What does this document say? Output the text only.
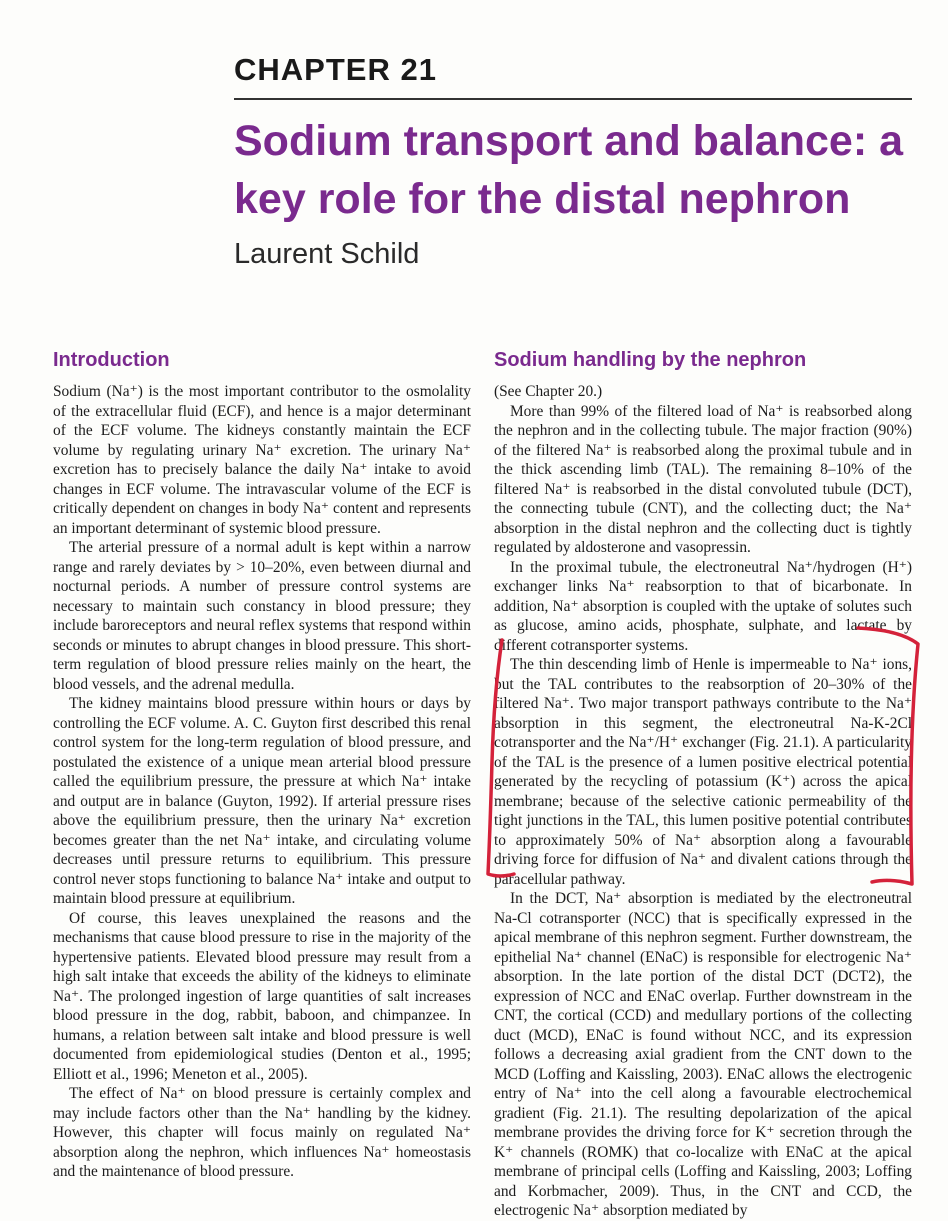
CHAPTER 21
Sodium transport and balance: a key role for the distal nephron
Laurent Schild
Introduction

Sodium (Na⁺) is the most important contributor to the osmolality of the extracellular fluid (ECF), and hence is a major determinant of the ECF volume. The kidneys constantly maintain the ECF volume by regulating urinary Na⁺ excretion. The urinary Na⁺ excretion has to precisely balance the daily Na⁺ intake to avoid changes in ECF volume. The intravascular volume of the ECF is critically dependent on changes in body Na⁺ content and represents an important determinant of systemic blood pressure.

The arterial pressure of a normal adult is kept within a narrow range and rarely deviates by > 10–20%, even between diurnal and nocturnal periods. A number of pressure control systems are necessary to maintain such constancy in blood pressure; they include baroreceptors and neural reflex systems that respond within seconds or minutes to abrupt changes in blood pressure. This short-term regulation of blood pressure relies mainly on the heart, the blood vessels, and the adrenal medulla.

The kidney maintains blood pressure within hours or days by controlling the ECF volume. A. C. Guyton first described this renal control system for the long-term regulation of blood pressure, and postulated the existence of a unique mean arterial blood pressure called the equilibrium pressure, the pressure at which Na⁺ intake and output are in balance (Guyton, 1992). If arterial pressure rises above the equilibrium pressure, then the urinary Na⁺ excretion becomes greater than the net Na⁺ intake, and circulating volume decreases until pressure returns to equilibrium. This pressure control never stops functioning to balance Na⁺ intake and output to maintain blood pressure at equilibrium.

Of course, this leaves unexplained the reasons and the mechanisms that cause blood pressure to rise in the majority of the hypertensive patients. Elevated blood pressure may result from a high salt intake that exceeds the ability of the kidneys to eliminate Na⁺. The prolonged ingestion of large quantities of salt increases blood pressure in the dog, rabbit, baboon, and chimpanzee. In humans, a relation between salt intake and blood pressure is well documented from epidemiological studies (Denton et al., 1995; Elliott et al., 1996; Meneton et al., 2005).

The effect of Na⁺ on blood pressure is certainly complex and may include factors other than the Na⁺ handling by the kidney. However, this chapter will focus mainly on regulated Na⁺ absorption along the nephron, which influences Na⁺ homeostasis and the maintenance of blood pressure.

Sodium handling by the nephron

(See Chapter 20.)

More than 99% of the filtered load of Na⁺ is reabsorbed along the nephron and in the collecting tubule. The major fraction (90%) of the filtered Na⁺ is reabsorbed along the proximal tubule and in the thick ascending limb (TAL). The remaining 8–10% of the filtered Na⁺ is reabsorbed in the distal convoluted tubule (DCT), the connecting tubule (CNT), and the collecting duct; the Na⁺ absorption in the distal nephron and the collecting duct is tightly regulated by aldosterone and vasopressin.

In the proximal tubule, the electroneutral Na⁺/hydrogen (H⁺) exchanger links Na⁺ reabsorption to that of bicarbonate. In addition, Na⁺ absorption is coupled with the uptake of solutes such as glucose, amino acids, phosphate, sulphate, and lactate by different cotransporter systems.

The thin descending limb of Henle is impermeable to Na⁺ ions, but the TAL contributes to the reabsorption of 20–30% of the filtered Na⁺. Two major transport pathways contribute to the Na⁺ absorption in this segment, the electroneutral Na-K-2Cl cotransporter and the Na⁺/H⁺ exchanger (Fig. 21.1). A particularity of the TAL is the presence of a lumen positive electrical potential generated by the recycling of potassium (K⁺) across the apical membrane; because of the selective cationic permeability of the tight junctions in the TAL, this lumen positive potential contributes to approximately 50% of Na⁺ absorption along a favourable driving force for diffusion of Na⁺ and divalent cations through the paracellular pathway.

In the DCT, Na⁺ absorption is mediated by the electroneutral Na-Cl cotransporter (NCC) that is specifically expressed in the apical membrane of this nephron segment. Further downstream, the epithelial Na⁺ channel (ENaC) is responsible for electrogenic Na⁺ absorption. In the late portion of the distal DCT (DCT2), the expression of NCC and ENaC overlap. Further downstream in the CNT, the cortical (CCD) and medullary portions of the collecting duct (MCD), ENaC is found without NCC, and its expression follows a decreasing axial gradient from the CNT down to the MCD (Loffing and Kaissling, 2003). ENaC allows the electrogenic entry of Na⁺ into the cell along a favourable electrochemical gradient (Fig. 21.1). The resulting depolarization of the apical membrane provides the driving force for K⁺ secretion through the K⁺ channels (ROMK) that co-localize with ENaC at the apical membrane of principal cells (Loffing and Kaissling, 2003; Loffing and Korbmacher, 2009). Thus, in the CNT and CCD, the electrogenic Na⁺ absorption mediated by
